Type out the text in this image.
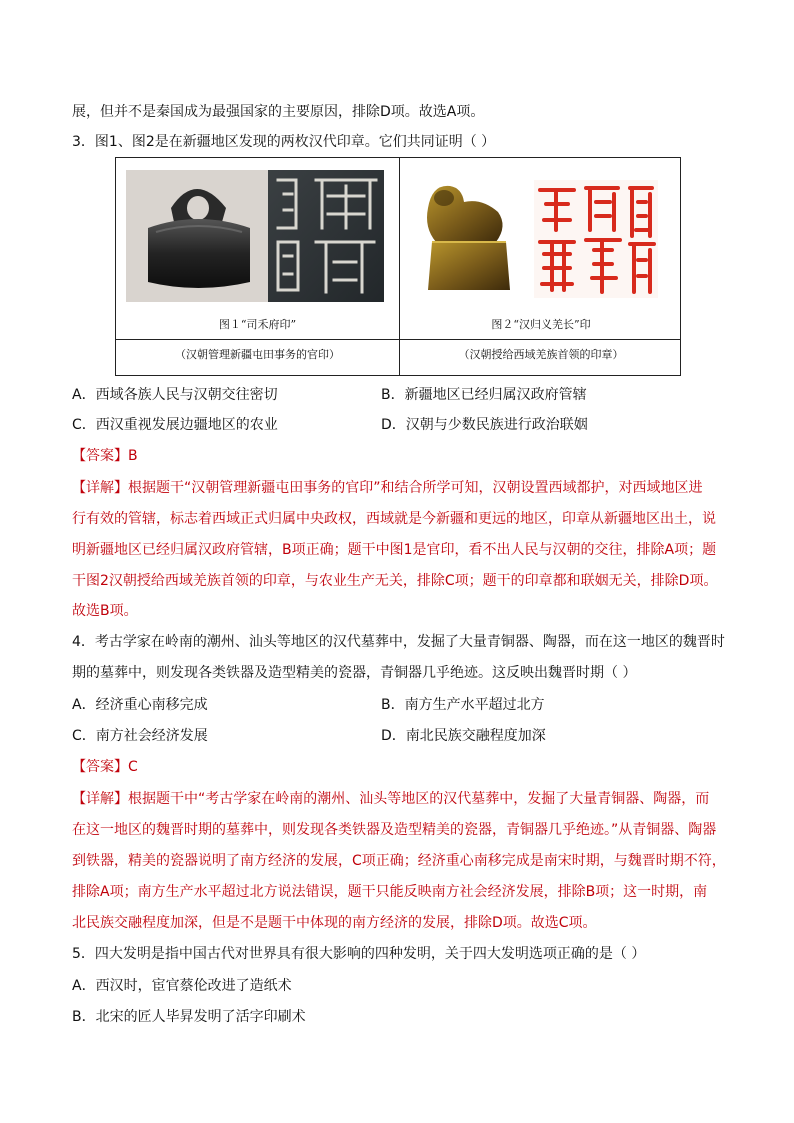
展，但并不是秦国成为最强国家的主要原因，排除D项。故选A项。
3．图1、图2是在新疆地区发现的两枚汉代印章。它们共同证明（ ）
图１“司禾府印”
（汉朝管理新疆屯田事务的官印）
图２“汉归义羌长”印
（汉朝授给西域羌族首领的印章）
A．西域各族人民与汉朝交往密切	B．新疆地区已经归属汉政府管辖
C．西汉重视发展边疆地区的农业	D．汉朝与少数民族进行政治联姻
【答案】B
【详解】根据题干“汉朝管理新疆屯田事务的官印”和结合所学可知，汉朝设置西域都护，对西域地区进
行有效的管辖，标志着西域正式归属中央政权，西域就是今新疆和更远的地区，印章从新疆地区出土，说
明新疆地区已经归属汉政府管辖，B项正确；题干中图1是官印，看不出人民与汉朝的交往，排除A项；题
干图2汉朝授给西域羌族首领的印章，与农业生产无关，排除C项；题干的印章都和联姻无关，排除D项。
故选B项。
4．考古学家在岭南的潮州、汕头等地区的汉代墓葬中，发掘了大量青铜器、陶器，而在这一地区的魏晋时
期的墓葬中，则发现各类铁器及造型精美的瓷器，青铜器几乎绝迹。这反映出魏晋时期（ ）
A．经济重心南移完成	B．南方生产水平超过北方
C．南方社会经济发展	D．南北民族交融程度加深
【答案】C
【详解】根据题干中“考古学家在岭南的潮州、汕头等地区的汉代墓葬中，发掘了大量青铜器、陶器，而
在这一地区的魏晋时期的墓葬中，则发现各类铁器及造型精美的瓷器，青铜器几乎绝迹。”从青铜器、陶器
到铁器，精美的瓷器说明了南方经济的发展，C项正确；经济重心南移完成是南宋时期，与魏晋时期不符，
排除A项；南方生产水平超过北方说法错误，题干只能反映南方社会经济发展，排除B项；这一时期，南
北民族交融程度加深，但是不是题干中体现的南方经济的发展，排除D项。故选C项。
5．四大发明是指中国古代对世界具有很大影响的四种发明，关于四大发明选项正确的是（ ）
A．西汉时，宦官蔡伦改进了造纸术
B．北宋的匠人毕昇发明了活字印刷术
